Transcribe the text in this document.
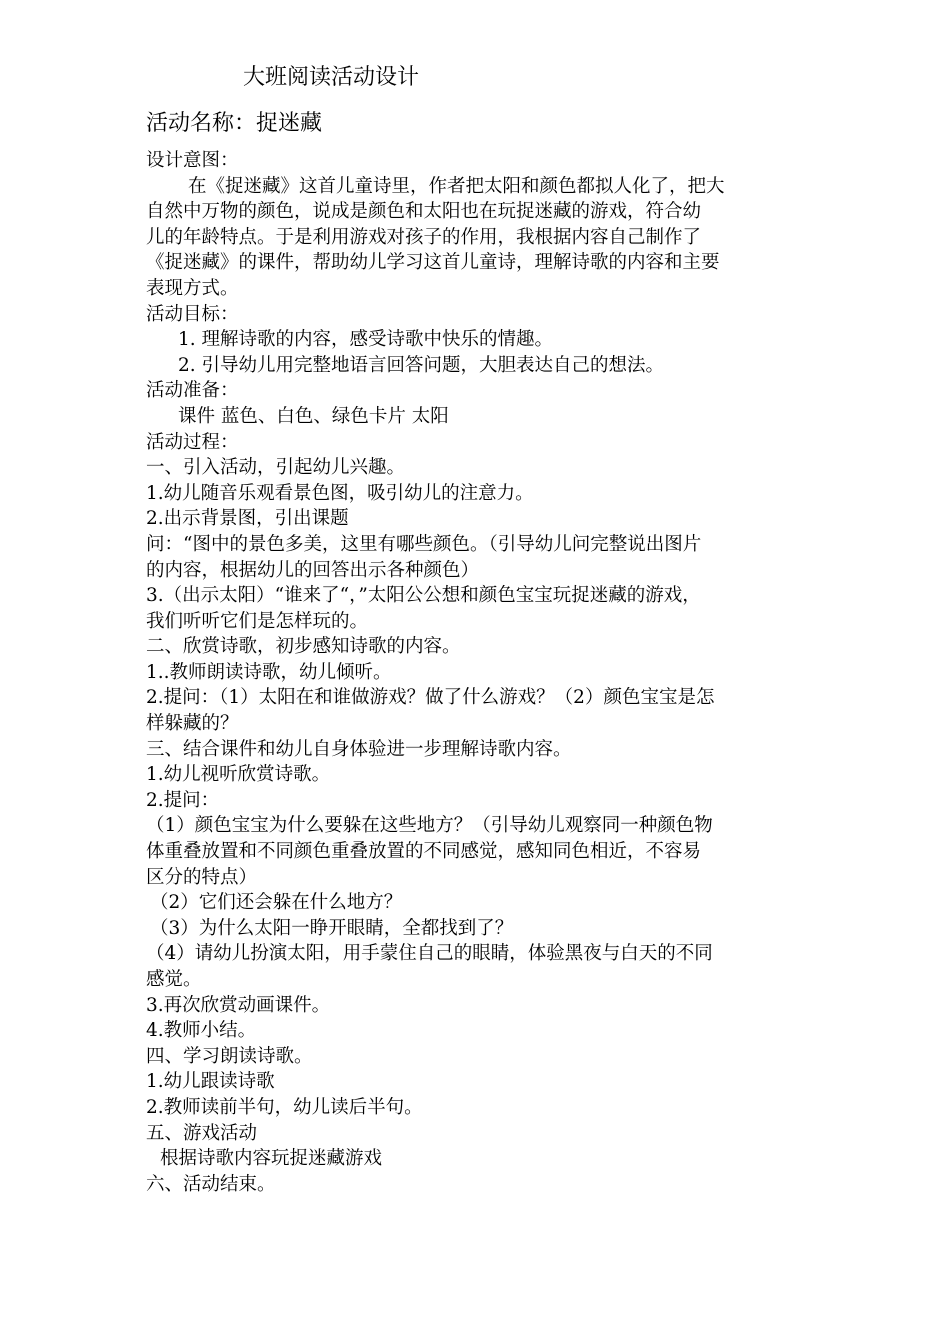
大班阅读活动设计
活动名称：捉迷藏
设计意图：
在《捉迷藏》这首儿童诗里，作者把太阳和颜色都拟人化了，把大
自然中万物的颜色，说成是颜色和太阳也在玩捉迷藏的游戏，符合幼
儿的年龄特点。于是利用游戏对孩子的作用，我根据内容自己制作了
《捉迷藏》的课件，帮助幼儿学习这首儿童诗，理解诗歌的内容和主要
表现方式。
活动目标：
1. 理解诗歌的内容，感受诗歌中快乐的情趣。
2. 引导幼儿用完整地语言回答问题，大胆表达自己的想法。
活动准备：
课件 蓝色、白色、绿色卡片 太阳
活动过程：
一、引入活动，引起幼儿兴趣。
1.幼儿随音乐观看景色图，吸引幼儿的注意力。
2.出示背景图，引出课题
问：“图中的景色多美，这里有哪些颜色。（引导幼儿问完整说出图片
的内容，根据幼儿的回答出示各种颜色）
3.（出示太阳）“谁来了“，”太阳公公想和颜色宝宝玩捉迷藏的游戏，
我们听听它们是怎样玩的。
二、欣赏诗歌，初步感知诗歌的内容。
1..教师朗读诗歌，幼儿倾听。
2.提问：（1）太阳在和谁做游戏？做了什么游戏？（2）颜色宝宝是怎
样躲藏的？
三、结合课件和幼儿自身体验进一步理解诗歌内容。
1.幼儿视听欣赏诗歌。
2.提问：
（1）颜色宝宝为什么要躲在这些地方？（引导幼儿观察同一种颜色物
体重叠放置和不同颜色重叠放置的不同感觉，感知同色相近，不容易
区分的特点）
（2）它们还会躲在什么地方？
（3）为什么太阳一睁开眼睛，全都找到了？
（4）请幼儿扮演太阳，用手蒙住自己的眼睛，体验黑夜与白天的不同
感觉。
3.再次欣赏动画课件。
4.教师小结。
四、学习朗读诗歌。
1.幼儿跟读诗歌
2.教师读前半句，幼儿读后半句。
五、游戏活动
根据诗歌内容玩捉迷藏游戏
六、活动结束。
